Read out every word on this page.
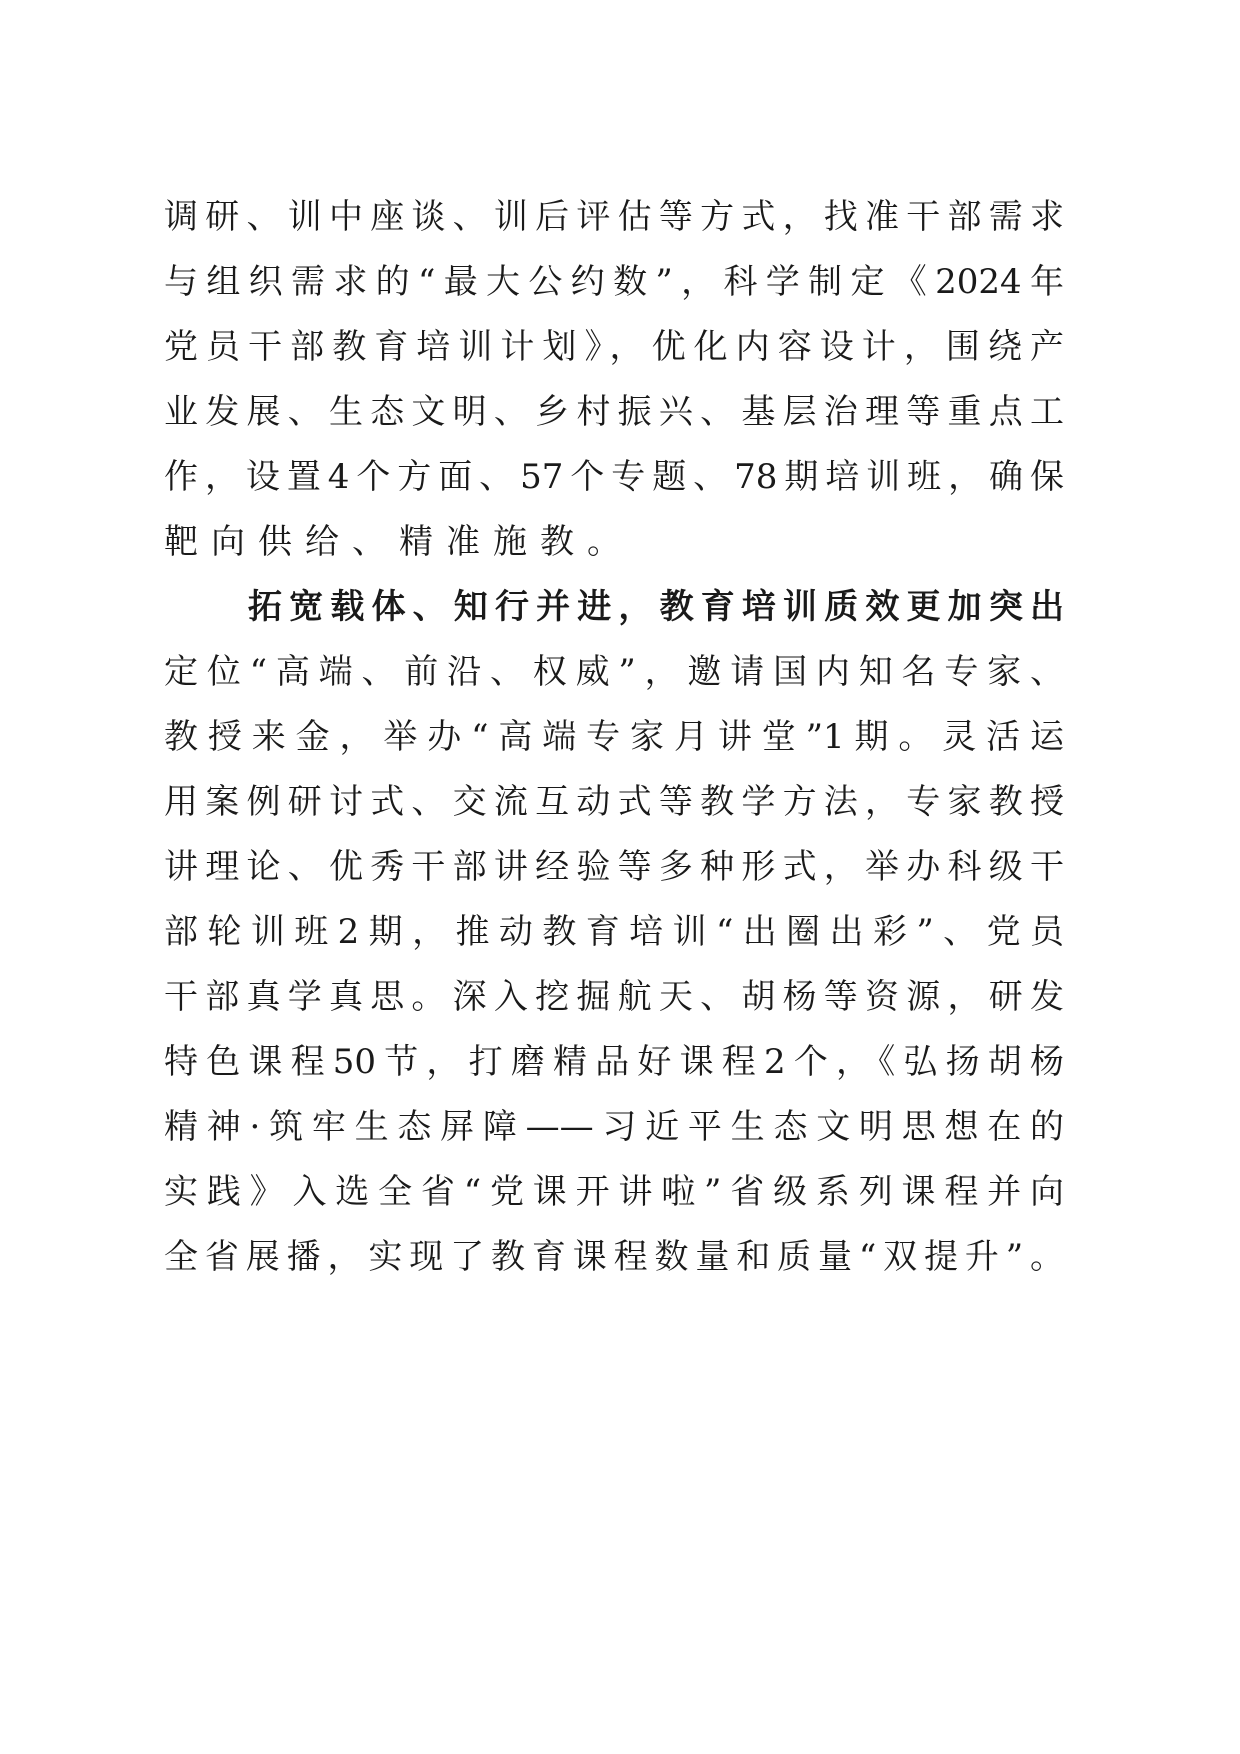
调研、训中座谈、训后评估等方式，找准干部需求
与组织需求的“最大公约数”，科学制定《2024年
党员干部教育培训计划》，优化内容设计，围绕产
业发展、生态文明、乡村振兴、基层治理等重点工
作，设置4个方面、57个专题、78期培训班，确保
靶向供给、精准施教。
拓宽载体、知行并进，教育培训质效更加突出
定位“高端、前沿、权威”，邀请国内知名专家、
教授来金，举办“高端专家月讲堂”1期。灵活运
用案例研讨式、交流互动式等教学方法，专家教授
讲理论、优秀干部讲经验等多种形式，举办科级干
部轮训班2期，推动教育培训“出圈出彩”、党员
干部真学真思。深入挖掘航天、胡杨等资源，研发
特色课程50节，打磨精品好课程2个，《弘扬胡杨
精神·筑牢生态屏障——习近平生态文明思想在的
实践》入选全省“党课开讲啦”省级系列课程并向
全省展播，实现了教育课程数量和质量“双提升”。
